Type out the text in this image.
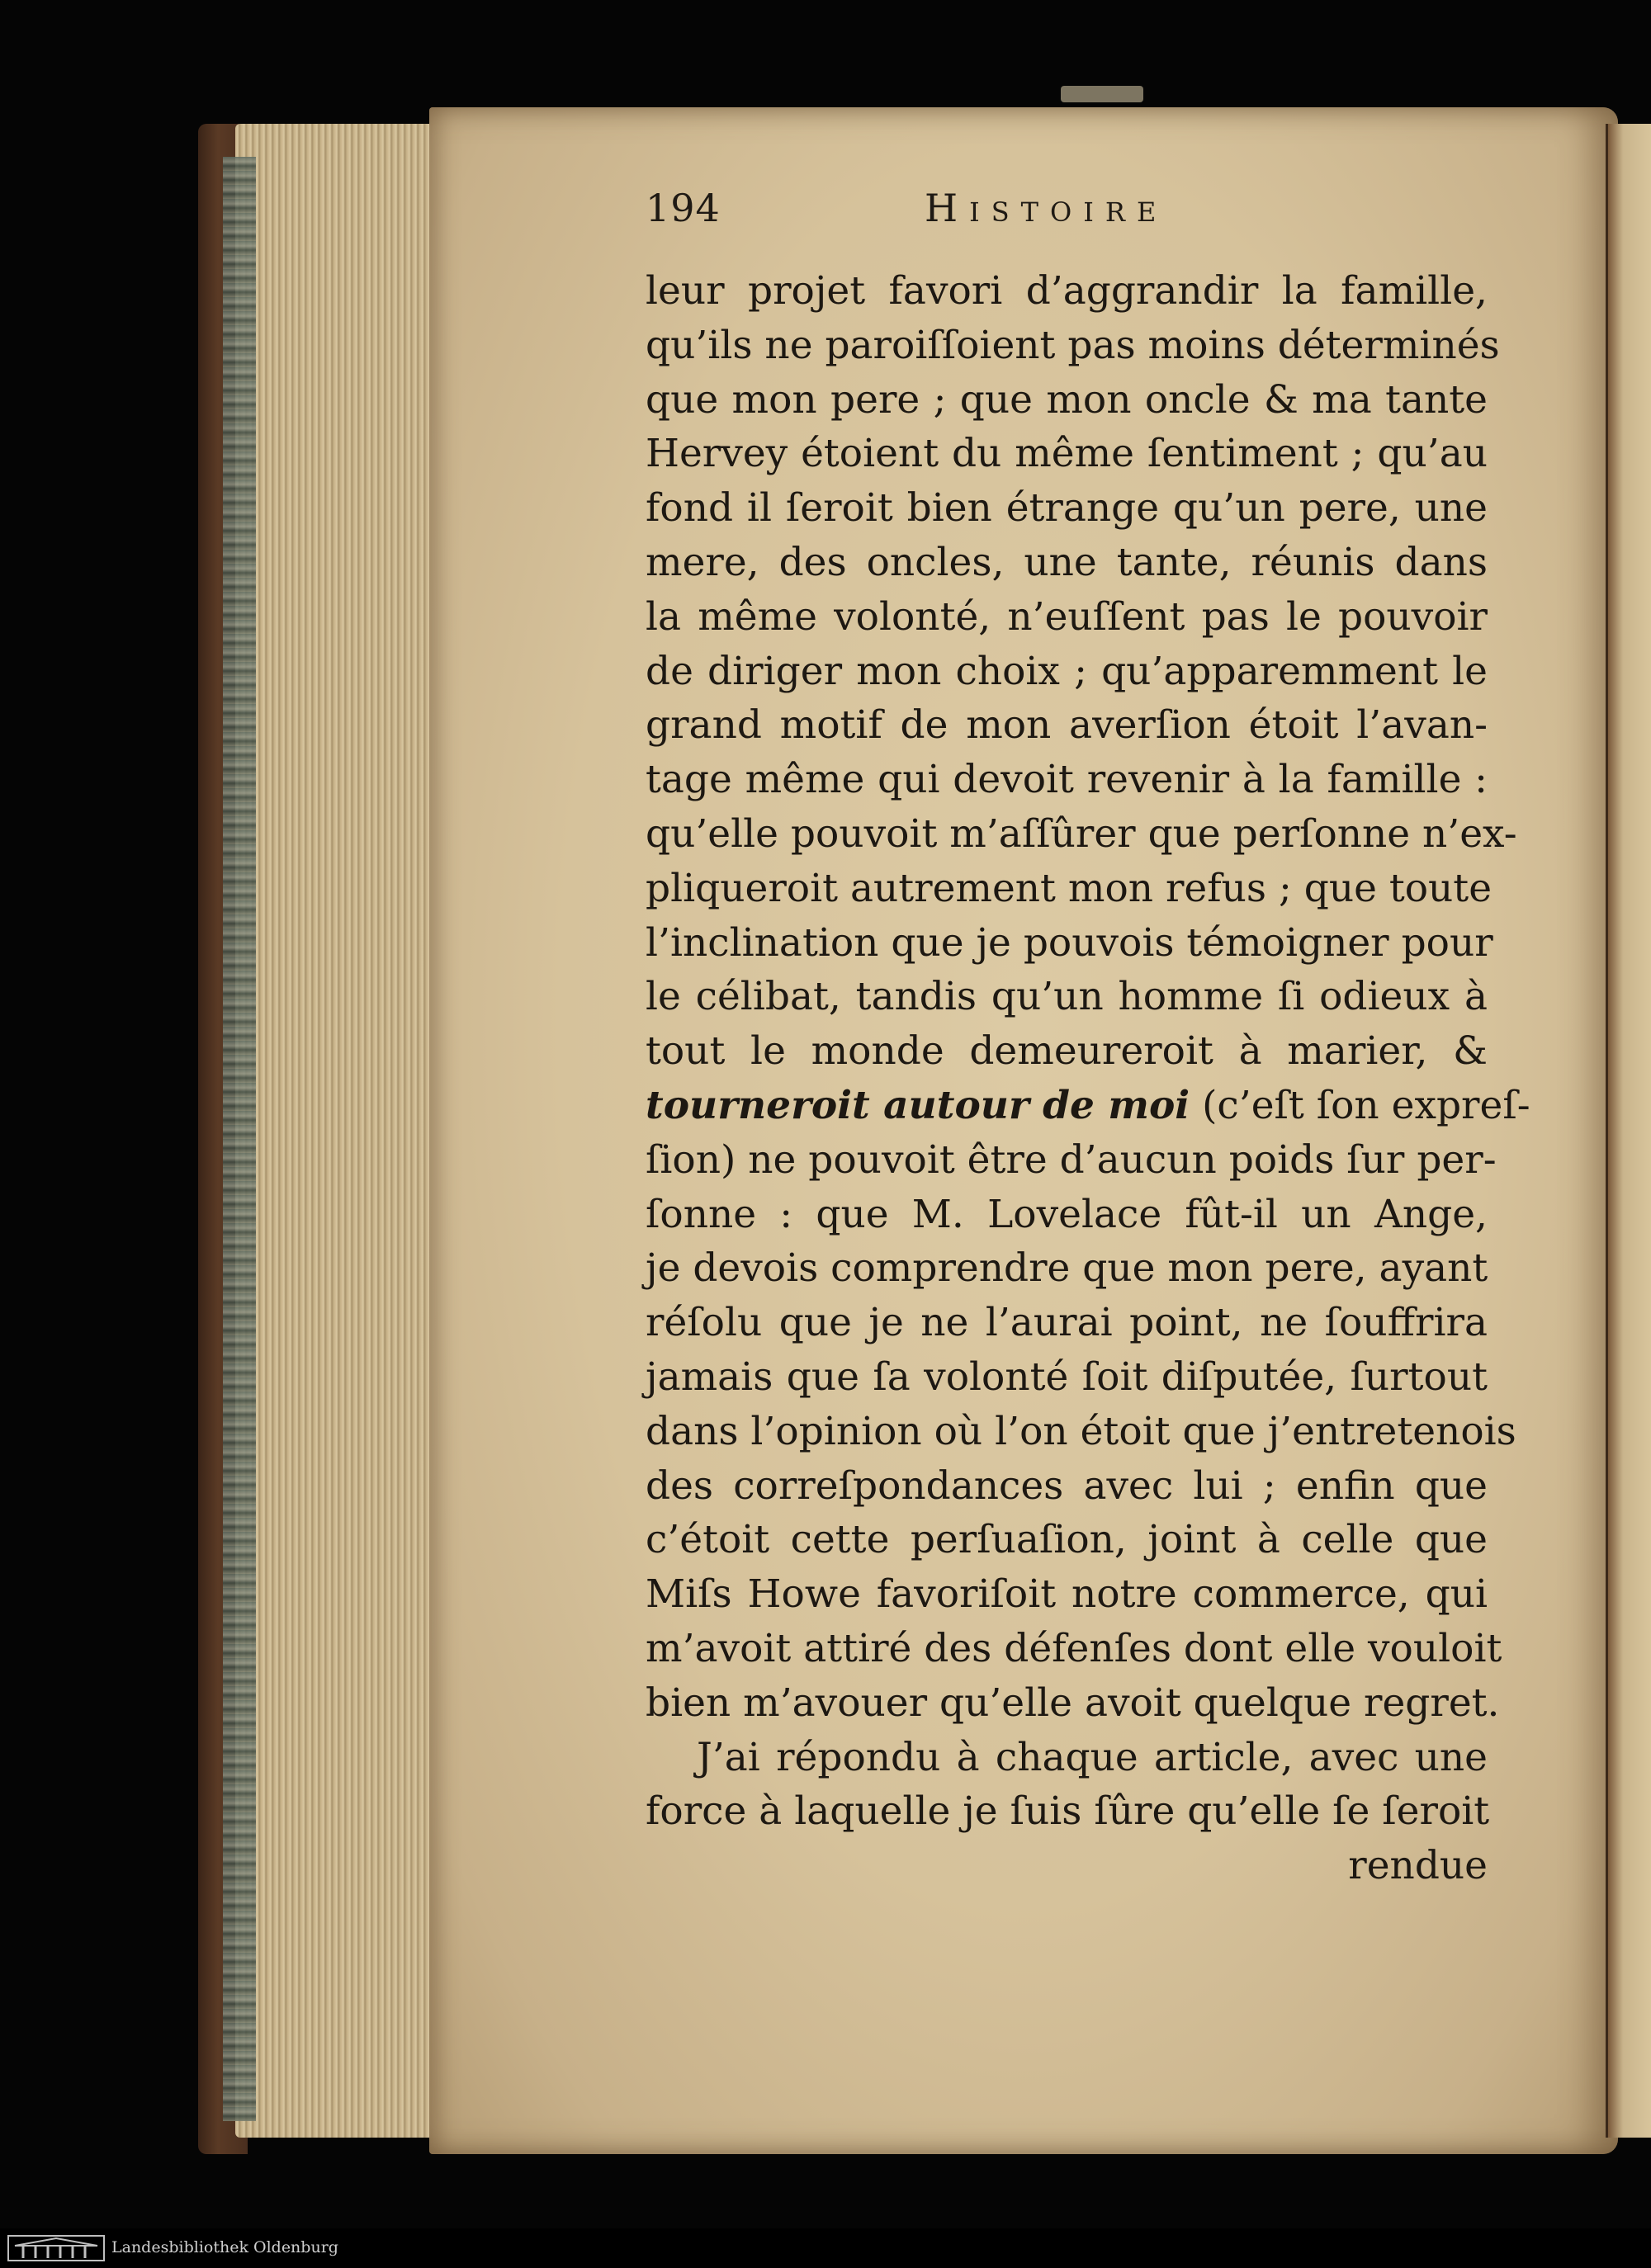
194	Histoire
leur projet favori d’aggrandir la famille,
qu’ils ne paroiſſoient pas moins déterminés
que mon pere ; que mon oncle & ma tante
Hervey étoient du même ſentiment ; qu’au
fond il ſeroit bien étrange qu’un pere, une
mere, des oncles, une tante, réunis dans
la même volonté, n’euſſent pas le pouvoir
de diriger mon choix ; qu’apparemment le
grand motif de mon averſion étoit l’avan-
tage même qui devoit revenir à la famille :
qu’elle pouvoit m’aſſûrer que perſonne n’ex-
pliqueroit autrement mon refus ; que toute
l’inclination que je pouvois témoigner pour
le célibat, tandis qu’un homme ſi odieux à
tout le monde demeureroit à marier, &
tourneroit autour de moi (c’eſt ſon expreſ-
ſion) ne pouvoit être d’aucun poids ſur per-
ſonne : que M. Lovelace fût-il un Ange,
je devois comprendre que mon pere, ayant
réſolu que je ne l’aurai point, ne ſouffrira
jamais que ſa volonté ſoit diſputée, ſurtout
dans l’opinion où l’on étoit que j’entretenois
des correſpondances avec lui ; enfin que
c’étoit cette perſuaſion, joint à celle que
Miſs Howe favoriſoit notre commerce, qui
m’avoit attiré des défenſes dont elle vouloit
bien m’avouer qu’elle avoit quelque regret.
J’ai répondu à chaque article, avec une
force à laquelle je ſuis ſûre qu’elle ſe ſeroit
rendue
Landesbibliothek Oldenburg
